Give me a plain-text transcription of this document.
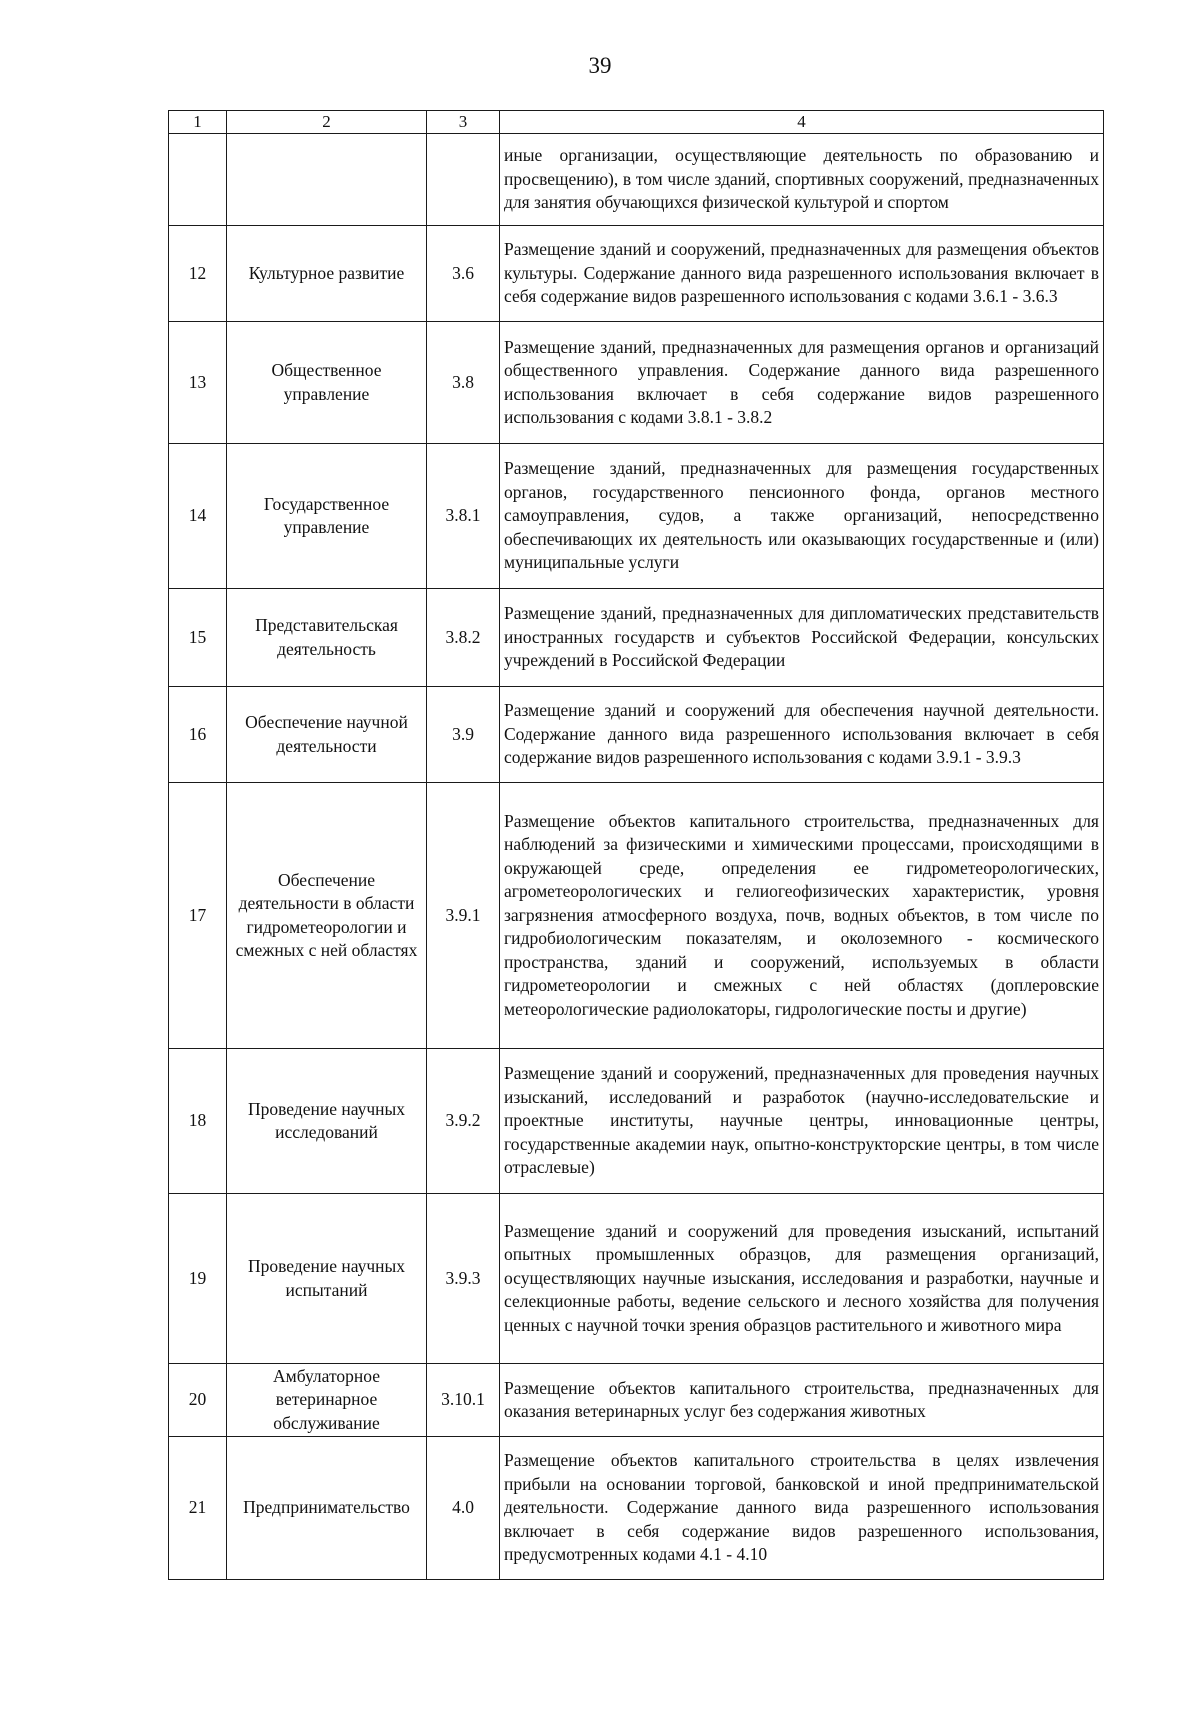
39
1	2	3	4
			иные организации, осуществляющие деятельность по образованию и просвещению), в том числе зданий, спортивных сооружений, предназначенных для занятия обучающихся физической культурой и спортом
12	Культурное развитие	3.6	Размещение зданий и сооружений, предназначенных для размещения объектов культуры. Содержание данного вида разрешенного использования включает в себя содержание видов разрешенного использования с кодами 3.6.1 - 3.6.3
13	Общественное управление	3.8	Размещение зданий, предназначенных для размещения органов и организаций общественного управления. Содержание данного вида разрешенного использования включает в себя содержание видов разрешенного использования с кодами 3.8.1 - 3.8.2
14	Государственное управление	3.8.1	Размещение зданий, предназначенных для размещения государственных органов, государственного пенсионного фонда, органов местного самоуправления, судов, а также организаций, непосредственно обеспечивающих их деятельность или оказывающих государственные и (или) муниципальные услуги
15	Представительская деятельность	3.8.2	Размещение зданий, предназначенных для дипломатических представительств иностранных государств и субъектов Российской Федерации, консульских учреждений в Российской Федерации
16	Обеспечение научной деятельности	3.9	Размещение зданий и сооружений для обеспечения научной деятельности. Содержание данного вида разрешенного использования включает в себя содержание видов разрешенного использования с кодами 3.9.1 - 3.9.3
17	Обеспечение деятельности в области гидрометеорологии и смежных с ней областях	3.9.1	Размещение объектов капитального строительства, предназначенных для наблюдений за физическими и химическими процессами, происходящими в окружающей среде, определения ее гидрометеорологических, агрометеорологических и гелиогеофизических характеристик, уровня загрязнения атмосферного воздуха, почв, водных объектов, в том числе по гидробиологическим показателям, и околоземного - космического пространства, зданий и сооружений, используемых в области гидрометеорологии и смежных с ней областях (доплеровские метеорологические радиолокаторы, гидрологические посты и другие)
18	Проведение научных исследований	3.9.2	Размещение зданий и сооружений, предназначенных для проведения научных изысканий, исследований и разработок (научно-исследовательские и проектные институты, научные центры, инновационные центры, государственные академии наук, опытно-конструкторские центры, в том числе отраслевые)
19	Проведение научных испытаний	3.9.3	Размещение зданий и сооружений для проведения изысканий, испытаний опытных промышленных образцов, для размещения организаций, осуществляющих научные изыскания, исследования и разработки, научные и селекционные работы, ведение сельского и лесного хозяйства для получения ценных с научной точки зрения образцов растительного и животного мира
20	Амбулаторное ветеринарное обслуживание	3.10.1	Размещение объектов капитального строительства, предназначенных для оказания ветеринарных услуг без содержания животных
21	Предпринимательство	4.0	Размещение объектов капитального строительства в целях извлечения прибыли на основании торговой, банковской и иной предпринимательской деятельности. Содержание данного вида разрешенного использования включает в себя содержание видов разрешенного использования, предусмотренных кодами 4.1 - 4.10
